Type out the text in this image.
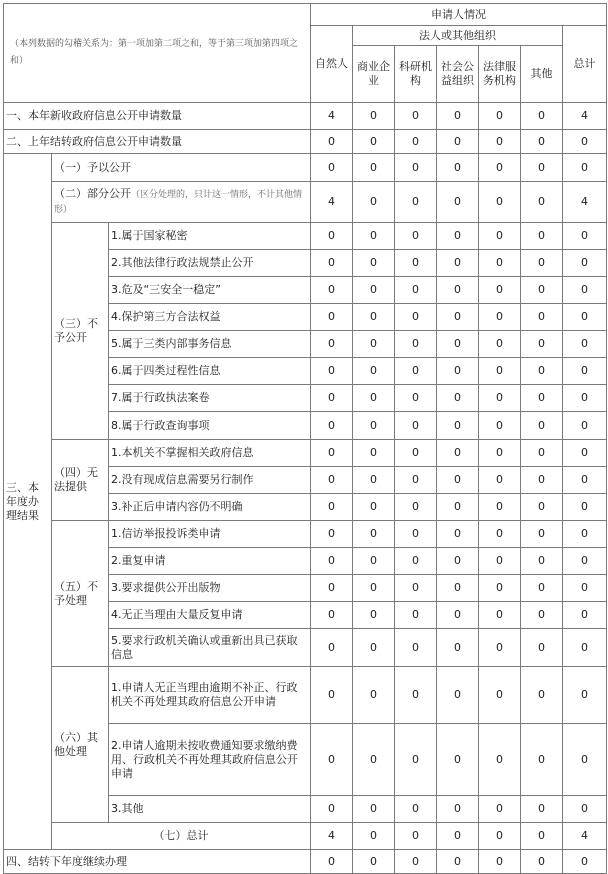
（本列数据的勾稽关系为：第一项加第二项之和，等于第三项加第四项之和）			申请人情况						
			自然人	法人或其他组织					总计
				商业企业	科研机构	社会公益组织	法律服务机构	其他	

一、本年新收政府信息公开申请数量			4	0	0	0	0	0	4
二、上年结转政府信息公开申请数量			0	0	0	0	0	0	0
三、本年度办理结果	（一）予以公开		0	0	0	0	0	0	0
	（二）部分公开（区分处理的，只计这一情形，不计其他情形）		4	0	0	0	0	0	4
	（三）不予公开	1.属于国家秘密	0	0	0	0	0	0	0
		2.其他法律行政法规禁止公开	0	0	0	0	0	0	0
		3.危及“三安全一稳定”	0	0	0	0	0	0	0
		4.保护第三方合法权益	0	0	0	0	0	0	0
		5.属于三类内部事务信息	0	0	0	0	0	0	0
		6.属于四类过程性信息	0	0	0	0	0	0	0
		7.属于行政执法案卷	0	0	0	0	0	0	0
		8.属于行政查询事项	0	0	0	0	0	0	0
	（四）无法提供	1.本机关不掌握相关政府信息	0	0	0	0	0	0	0
		2.没有现成信息需要另行制作	0	0	0	0	0	0	0
		3.补正后申请内容仍不明确	0	0	0	0	0	0	0
	（五）不予处理	1.信访举报投诉类申请	0	0	0	0	0	0	0
		2.重复申请	0	0	0	0	0	0	0
		3.要求提供公开出版物	0	0	0	0	0	0	0
		4.无正当理由大量反复申请	0	0	0	0	0	0	0
		5.要求行政机关确认或重新出具已获取信息	0	0	0	0	0	0	0
	（六）其他处理	1.申请人无正当理由逾期不补正、行政机关不再处理其政府信息公开申请	0	0	0	0	0	0	0
		2.申请人逾期未按收费通知要求缴纳费用、行政机关不再处理其政府信息公开申请	0	0	0	0	0	0	0
		3.其他	0	0	0	0	0	0	0
	（七）总计		4	0	0	0	0	0	4
四、结转下年度继续办理			0	0	0	0	0	0	0
